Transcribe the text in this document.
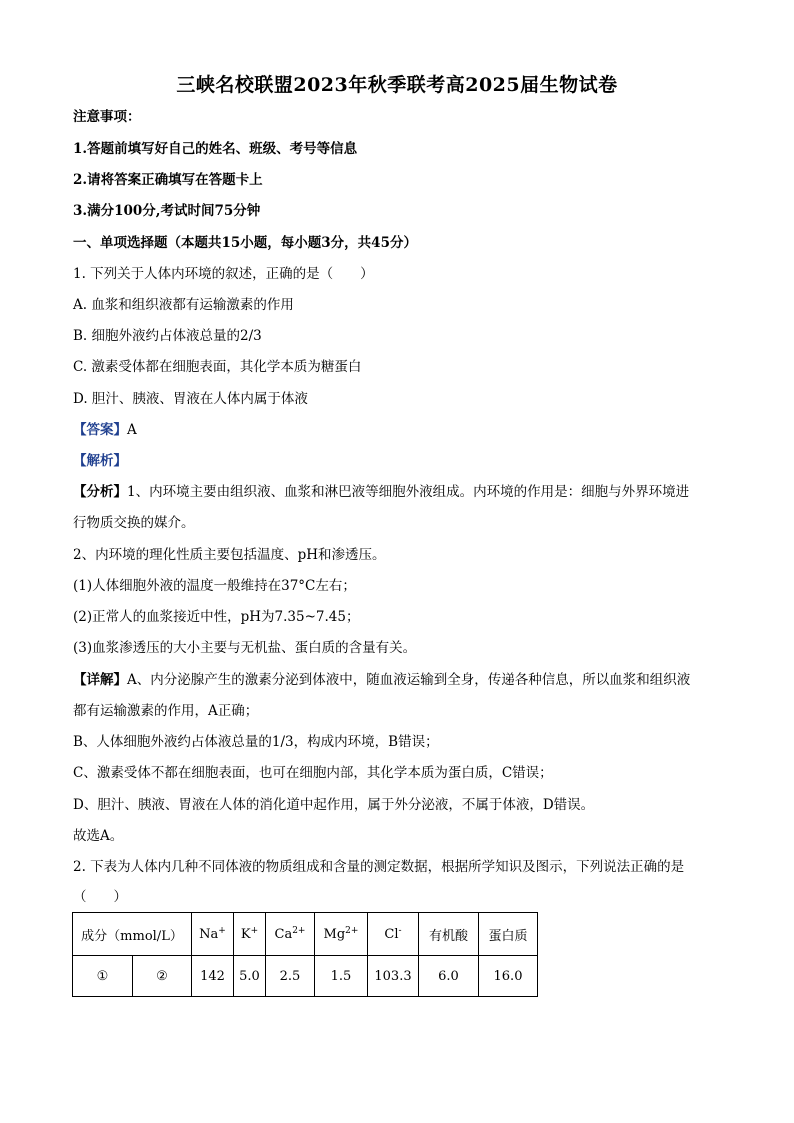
三峡名校联盟2023年秋季联考高2025届生物试卷
注意事项：
1.答题前填写好自己的姓名、班级、考号等信息
2.请将答案正确填写在答题卡上
3.满分100分,考试时间75分钟
一、单项选择题（本题共15小题，每小题3分，共45分）
1. 下列关于人体内环境的叙述，正确的是（　　）
A. 血浆和组织液都有运输激素的作用
B. 细胞外液约占体液总量的2/3
C. 激素受体都在细胞表面，其化学本质为糖蛋白
D. 胆汁、胰液、胃液在人体内属于体液
【答案】A
【解析】
【分析】1、内环境主要由组织液、血浆和淋巴液等细胞外液组成。内环境的作用是：细胞与外界环境进
行物质交换的媒介。
2、内环境的理化性质主要包括温度、pH和渗透压。
(1)人体细胞外液的温度一般维持在37°C左右；
(2)正常人的血浆接近中性，pH为7.35~7.45；
(3)血浆渗透压的大小主要与无机盐、蛋白质的含量有关。
【详解】A、内分泌腺产生的激素分泌到体液中，随血液运输到全身，传递各种信息，所以血浆和组织液
都有运输激素的作用，A正确；
B、人体细胞外液约占体液总量的1/3，构成内环境，B错误；
C、激素受体不都在细胞表面，也可在细胞内部，其化学本质为蛋白质，C错误；
D、胆汁、胰液、胃液在人体的消化道中起作用，属于外分泌液，不属于体液，D错误。
故选A。
2. 下表为人体内几种不同体液的物质组成和含量的测定数据，根据所学知识及图示，下列说法正确的是
（　　）
成分（mmol/L）		Na+	K+	$Ca^{2+}$	$Mg^{2+}$	Cl-	有机酸	蛋白质
①	②	142	5.0	2.5	1.5	103.3	6.0	16.0
